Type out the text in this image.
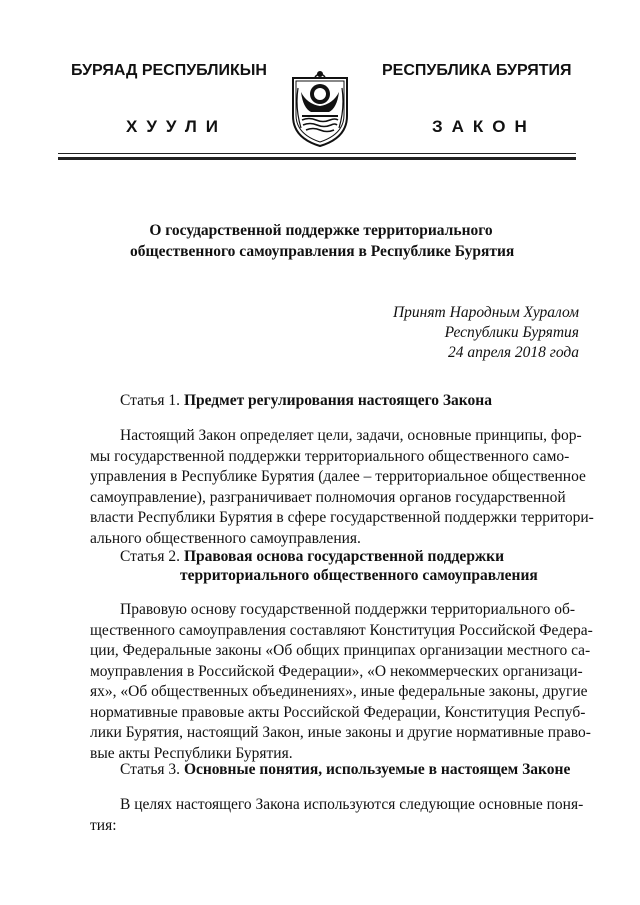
БУРЯАД РЕСПУБЛИКЫН	РЕСПУБЛИКА БУРЯТИЯ
ХУУЛИ	ЗАКОН
О государственной поддержке территориального
общественного самоуправления в Республике Бурятия
Принят Народным Хуралом
Республики Бурятия
24 апреля 2018 года
Статья 1. Предмет регулирования настоящего Закона
Настоящий Закон определяет цели, задачи, основные принципы, фор-
мы государственной поддержки территориального общественного само-
управления в Республике Бурятия (далее – территориальное общественное
самоуправление), разграничивает полномочия органов государственной
власти Республики Бурятия в сфере государственной поддержки территори-
ального общественного самоуправления.
Статья 2. Правовая основа государственной поддержки
территориального общественного самоуправления
Правовую основу государственной поддержки территориального об-
щественного самоуправления составляют Конституция Российской Федера-
ции, Федеральные законы «Об общих принципах организации местного са-
моуправления в Российской Федерации», «О некоммерческих организаци-
ях», «Об общественных объединениях», иные федеральные законы, другие
нормативные правовые акты Российской Федерации, Конституция Респуб-
лики Бурятия, настоящий Закон, иные законы и другие нормативные право-
вые акты Республики Бурятия.
Статья 3. Основные понятия, используемые в настоящем Законе
В целях настоящего Закона используются следующие основные поня-
тия:
